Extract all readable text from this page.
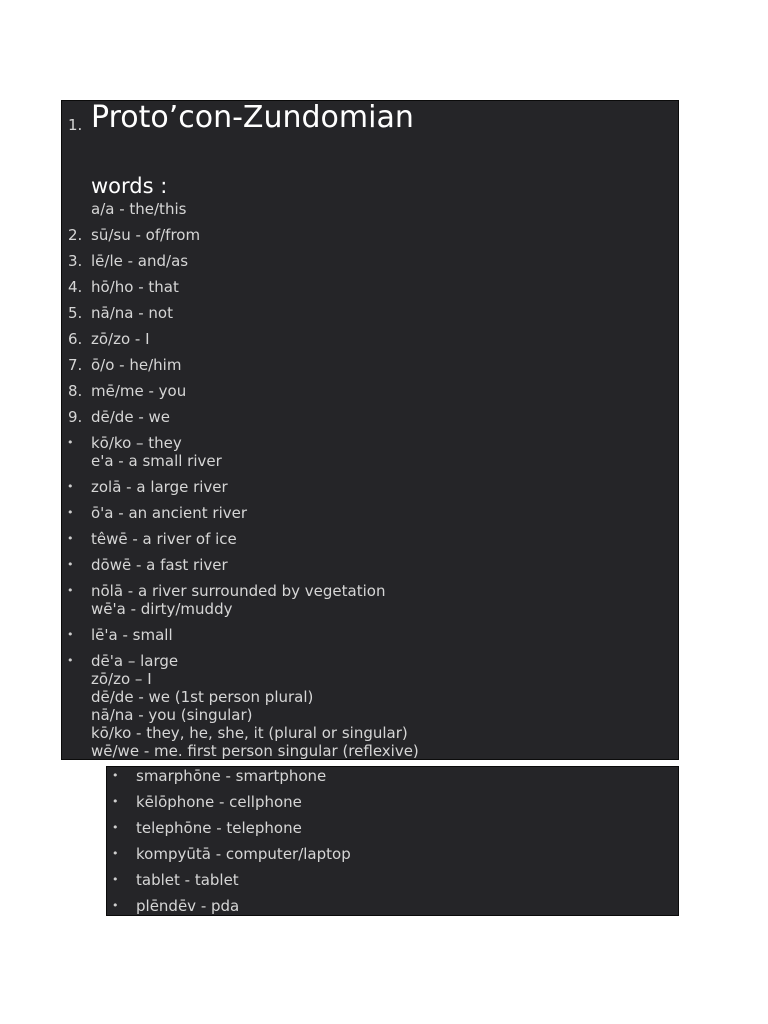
1. Proto’con-Zundomian
words :
a/a - the/this
2. sū/su - of/from
3. lē/le - and/as
4. hō/ho - that
5. nā/na - not
6. zō/zo - I
7. ō/o - he/him
8. mē/me - you
9. dē/de - we
• kō/ko – they
e'a - a small river
• zolā - a large river
• ō'a - an ancient river
• têwē - a river of ice
• dōwē - a fast river
• nōlā - a river surrounded by vegetation
wē'a - dirty/muddy
• lē'a - small
• dē'a – large
zō/zo – I
dē/de - we (1st person plural)
nā/na - you (singular)
kō/ko - they, he, she, it (plural or singular)
wē/we - me. first person singular (reflexive)
• smarphōne - smartphone
• kēlōphone - cellphone
• telephōne - telephone
• kompyūtā - computer/laptop
• tablet - tablet
• plēndēv - pda
